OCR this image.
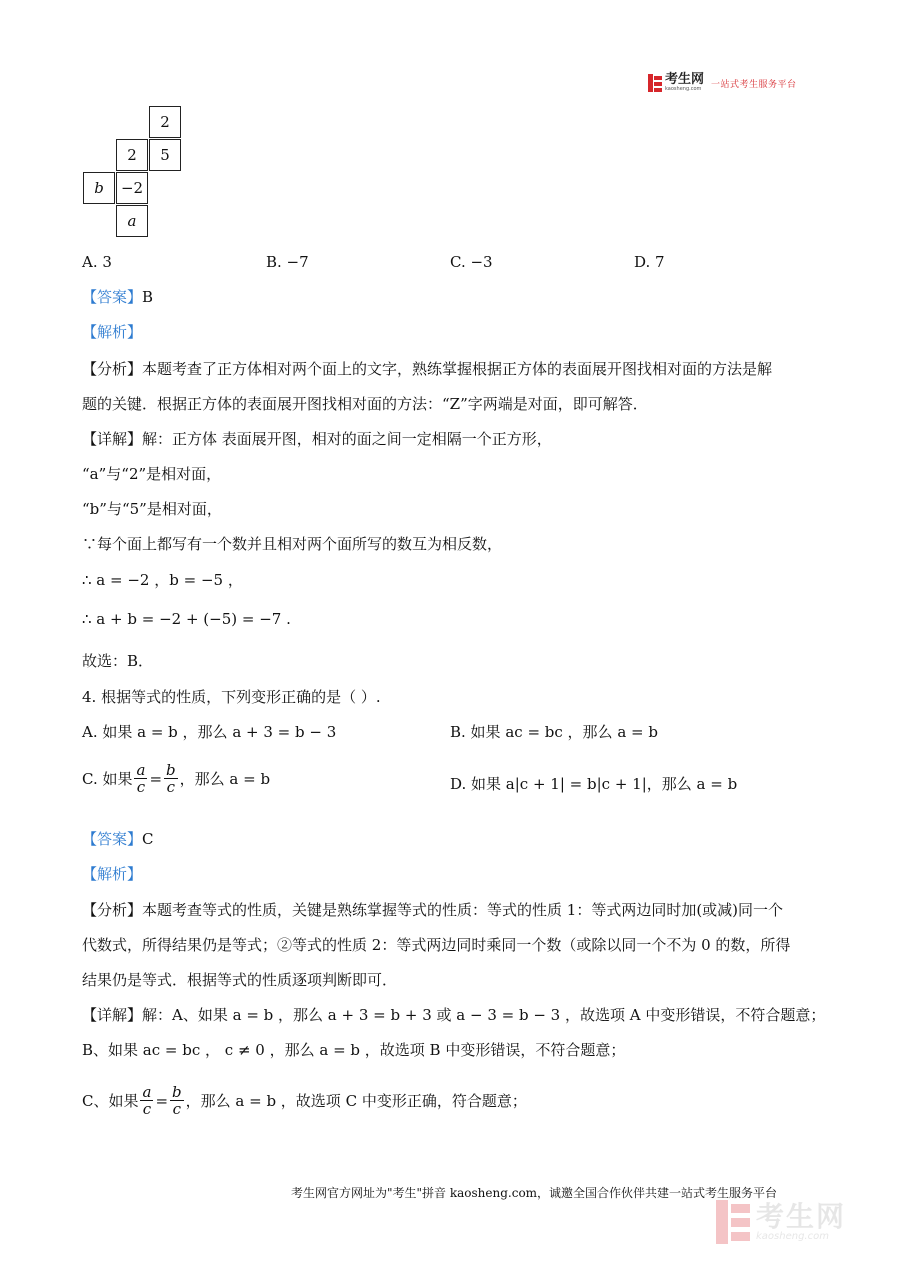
考生网
kaosheng.com 一站式考生服务平台
2
2	5
b	−2
a
A. 3	B. −7	C. −3	D. 7
【答案】B
【解析】
【分析】本题考查了正方体相对两个面上的文字，熟练掌握根据正方体的表面展开图找相对面的方法是解
题的关键．根据正方体的表面展开图找相对面的方法：“Z”字两端是对面，即可解答．
【详解】解：正方体 表面展开图，相对的面之间一定相隔一个正方形，
“a”与“2”是相对面，
“b”与“5”是相对面，
∵每个面上都写有一个数并且相对两个面所写的数互为相反数，
∴ a = −2 ，b = −5 ，
∴ a + b = −2 + (−5) = −7 .
故选：B．
4. 根据等式的性质，下列变形正确的是（ ）.
A. 如果 a = b ，那么 a + 3 = b − 3	B. 如果 ac = bc ，那么 a = b
C. 如果 $\frac{a}{c} = \frac{b}{c}$ ，那么 a = b	D. 如果 a|c + 1| = b|c + 1|，那么 a = b
【答案】C
【解析】
【分析】本题考查等式的性质，关键是熟练掌握等式的性质：等式的性质 1：等式两边同时加(或减)同一个
代数式，所得结果仍是等式；②等式的性质 2：等式两边同时乘同一个数（或除以同一个不为 0 的数，所得
结果仍是等式．根据等式的性质逐项判断即可．
【详解】解：A、如果 a = b ，那么 a + 3 = b + 3 或 a − 3 = b − 3 ，故选项 A 中变形错误，不符合题意；
B、如果 ac = bc ， c ≠ 0 ，那么 a = b ，故选项 B 中变形错误，不符合题意；
C、如果 $\frac{a}{c} = \frac{b}{c}$ ，那么 a = b ，故选项 C 中变形正确，符合题意；
考生网官方网址为"考生"拼音 kaosheng.com，诚邀全国合作伙伴共建一站式考生服务平台
考生网
kaosheng.com
